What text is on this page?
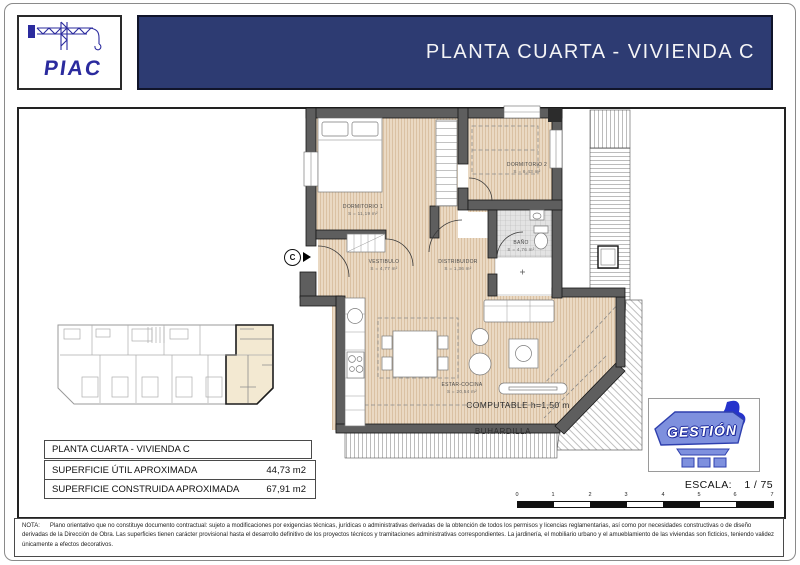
PIAC
PLANTA CUARTA - VIVIENDA C
DORMITORIO 1
S = 11,19 m²
DORMITORIO 2
S = 6,43 m²
BAÑO
S = 4,76 m²
VESTIBULO
S = 4,77 m²
DISTRIBUIDOR
S = 1,36 m²
ESTAR-COCINA
S = 20,54 m²
COMPUTABLE h=1,50 m
BUHARDILLA
C
PLANTA CUARTA - VIVIENDA C
SUPERFICIE ÚTIL APROXIMADA	44,73 m2
SUPERFICIE CONSTRUIDA APROXIMADA	67,91 m2
GESTIÓN
ESCALA: 1 / 75
0	1	2	3	4	5	6	7
NOTA: Plano orientativo que no constituye documento contractual: sujeto a modificaciones por exigencias técnicas, jurídicas o administrativas derivadas de la obtención de todos los permisos y licencias reglamentarias, así como por necesidades constructivas o de diseño derivadas de la Dirección de Obra. Las superficies tienen carácter provisional hasta el desarrollo definitivo de los proyectos técnicos y tramitaciones administrativas correspondientes. La jardinería, el mobiliario urbano y el amueblamiento de las viviendas son ficticios, teniendo validez únicamente a efectos decorativos.
